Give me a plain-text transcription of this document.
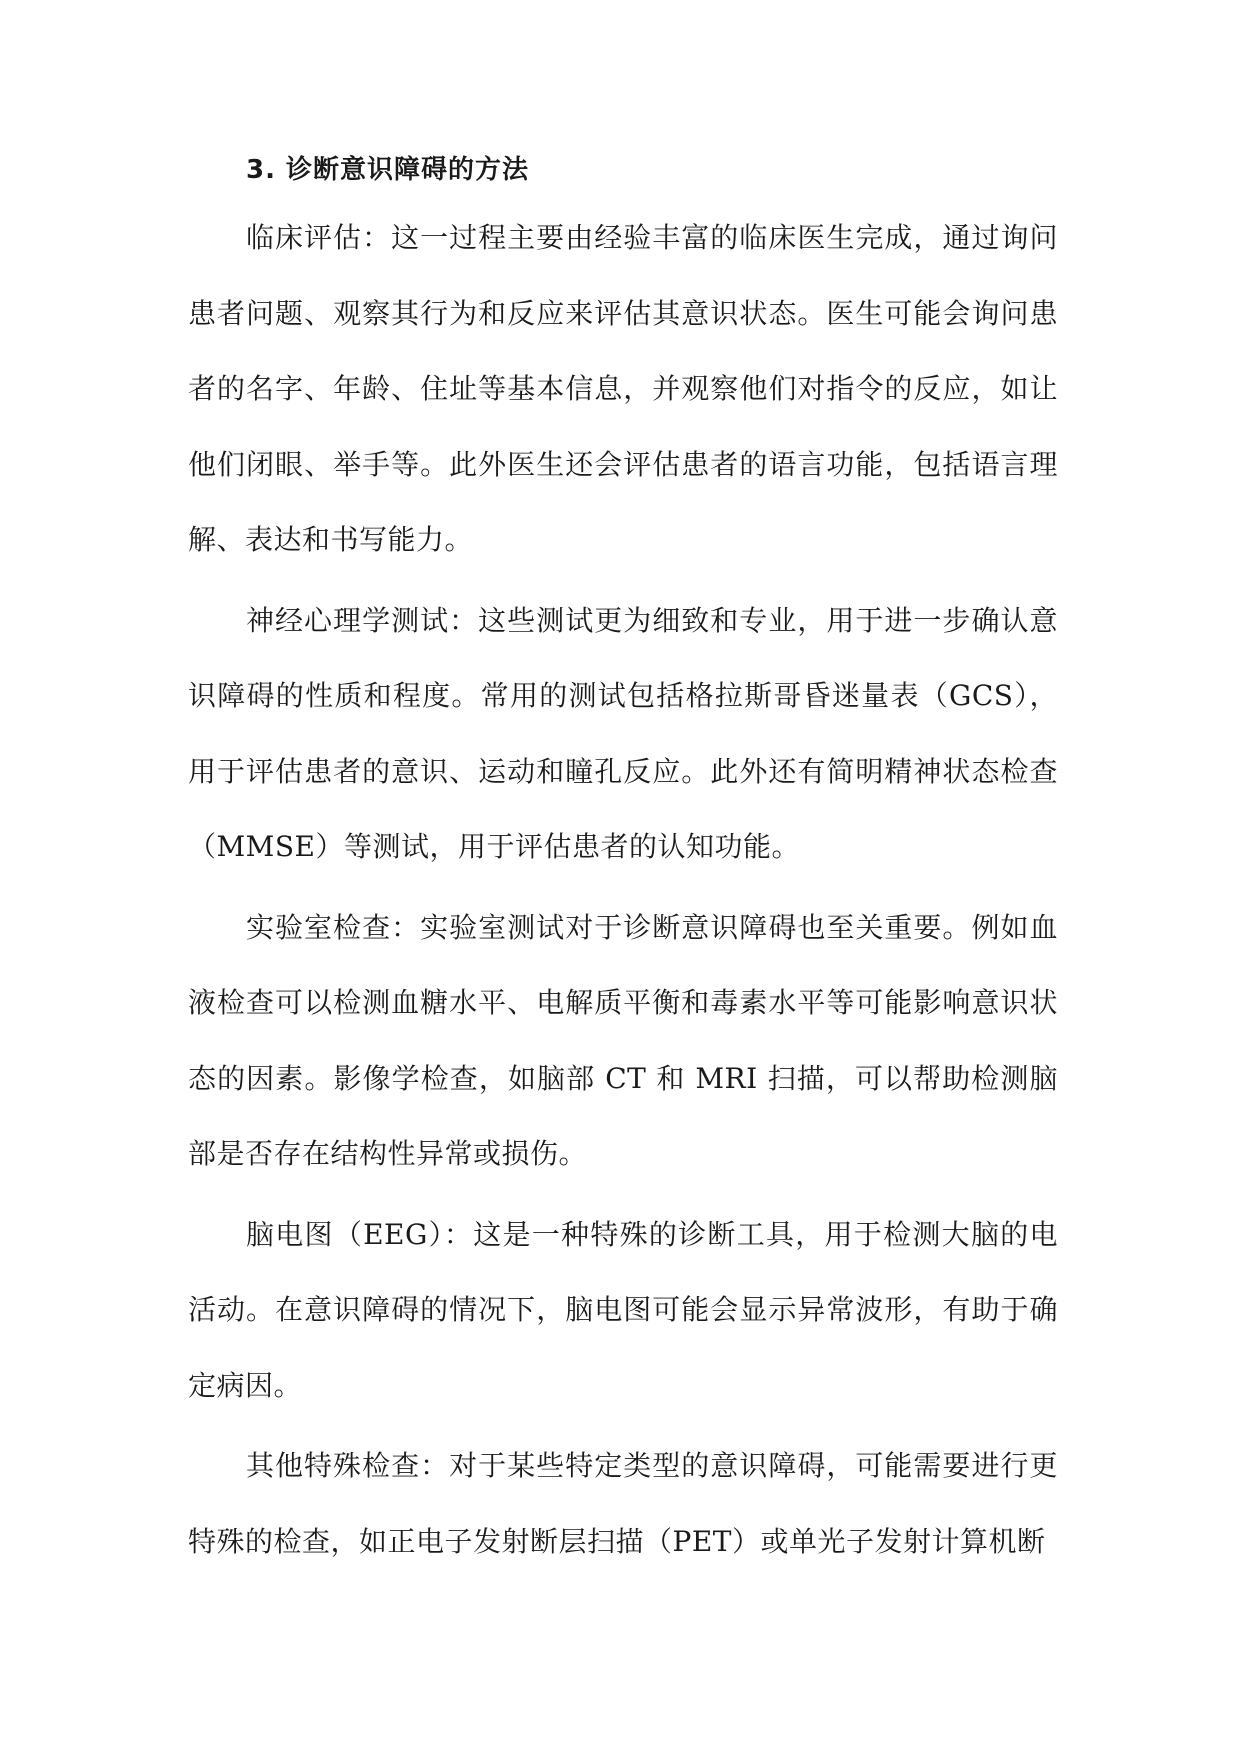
3. 诊断意识障碍的方法

临床评估：这一过程主要由经验丰富的临床医生完成，通过询问患者问题、观察其行为和反应来评估其意识状态。医生可能会询问患者的名字、年龄、住址等基本信息，并观察他们对指令的反应，如让他们闭眼、举手等。此外医生还会评估患者的语言功能，包括语言理解、表达和书写能力。

神经心理学测试：这些测试更为细致和专业，用于进一步确认意识障碍的性质和程度。常用的测试包括格拉斯哥昏迷量表（GCS），用于评估患者的意识、运动和瞳孔反应。此外还有简明精神状态检查（MMSE）等测试，用于评估患者的认知功能。

实验室检查：实验室测试对于诊断意识障碍也至关重要。例如血液检查可以检测血糖水平、电解质平衡和毒素水平等可能影响意识状态的因素。影像学检查，如脑部 CT 和 MRI 扫描，可以帮助检测脑部是否存在结构性异常或损伤。

脑电图（EEG）：这是一种特殊的诊断工具，用于检测大脑的电活动。在意识障碍的情况下，脑电图可能会显示异常波形，有助于确定病因。

其他特殊检查：对于某些特定类型的意识障碍，可能需要进行更特殊的检查，如正电子发射断层扫描（PET）或单光子发射计算机断
